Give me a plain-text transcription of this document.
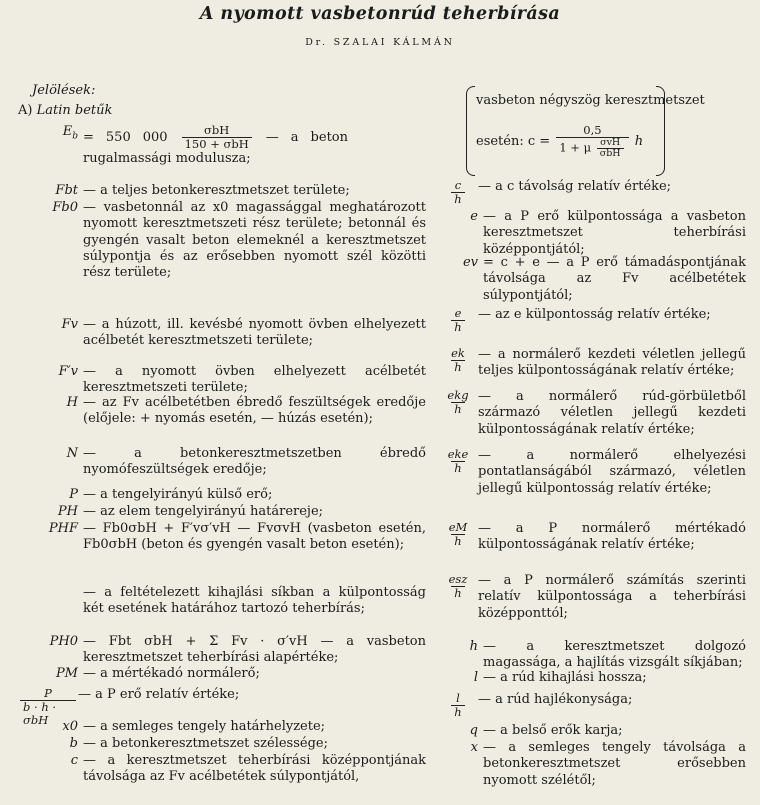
A nyomott vasbetonrúd teherbírása
Dr. SZALAI KÁLMÁN
Jelölések:
A) Latin betűk
$E_b = 550$ $000 \frac{\text{σbH}}{\text{150 + σbH}}$ — a beton rugalmassági modulusza;
Fbt — a teljes betonkeresztmetszet területe;
Fb0 — vasbetonnál az x0 magassággal meghatározott nyomott keresztmetszeti rész területe; betonnál és gyengén vasalt beton elemeknél a keresztmetszet súlypontja és az erősebben nyomott szél közötti rész területe;
Fv — a húzott, ill. kevésbé nyomott övben elhelyezett acélbetét keresztmetszeti területe;
F′v — a nyomott övben elhelyezett acélbetét keresztmetszeti területe;
H — az Fv acélbetétben ébredő feszültségek eredője (előjele: + nyomás esetén, — húzás esetén);
N — a betonkeresztmetszetben ébredő nyomófeszültségek eredője;
P — a tengelyirányú külső erő;
PH — az elem tengelyirányú határereje;
PHF — Fb0σbH + F′vσ′vH — FvσvH (vasbeton esetén, Fb0σbH (beton és gyengén vasalt beton esetén);
— a feltételezett kihajlási síkban a külpontosság két esetének határához tartozó teherbírás;
PH0 — Fbt σbH + Σ Fv · σ′vH — a vasbeton keresztmetszet teherbírási alapértéke;
PM — a mértékadó normálerő;
$\frac{P}{\text{b · h · σbH}}$ — a P erő relatív értéke;
x0 — a semleges tengely határhelyzete;
b — a betonkeresztmetszet szélessége;
c — a keresztmetszet teherbírási középpontjának távolsága az Fv acélbetétek súlypontjától,
vasbeton négyszög keresztmetszet
esetén: $c = \frac{0,5}{1 + \mu \frac{\text{σvH}}{\text{σbH}}}$ h
$\frac{c}{h}$ — a c távolság relatív értéke;
e — a P erő külpontossága a vasbeton keresztmetszet teherbírási középpontjától;
ev = c + e — a P erő támadáspontjának távolsága az Fv acélbetétek súlypontjától;
$\frac{e}{h}$ — az e külpontosság relatív értéke;
$\frac{ek}{h}$ — a normálerő kezdeti véletlen jellegű teljes külpontosságának relatív értéke;
$\frac{\text{ekg}}{h}$ — a normálerő rúd-görbületből származó véletlen jellegű kezdeti külpontosságának relatív értéke;
$\frac{\text{eke}}{h}$ — a normálerő elhelyezési pontatlanságából származó, véletlen jellegű külpontosság relatív értéke;
$\frac{eM}{h}$ — a P normálerő mértékadó külpontosságának relatív értéke;
$\frac{\text{esz}}{h}$ — a P normálerő számítás szerinti relatív külpontossága a teherbírási középponttól;
h — a keresztmetszet dolgozó magassága, a hajlítás vizsgált síkjában;
l — a rúd kihajlási hossza;
$\frac{l}{h}$ — a rúd hajlékonysága;
q — a belső erők karja;
x — a semleges tengely távolsága a betonkeresztmetszet erősebben nyomott szélétől;
